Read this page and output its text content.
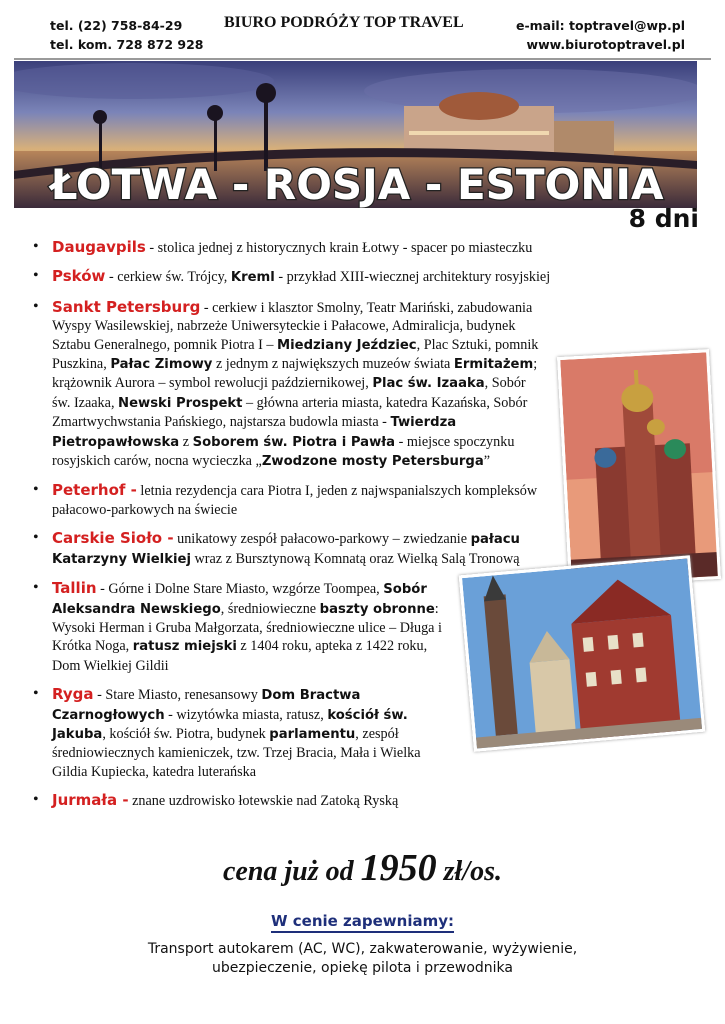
tel. (22) 758-84-29
tel. kom. 728 872 928
BIURO PODRÓŻY TOP TRAVEL	e-mail: toptravel@wp.pl
www.biurotoptravel.pl
ŁOTWA - ROSJA - ESTONIA
8 dni
• Daugavpils - stolica jednej z historycznych krain Łotwy - spacer po miasteczku
• Psków - cerkiew św. Trójcy, Kreml - przykład XIII-wiecznej architektury rosyjskiej
• Sankt Petersburg - cerkiew i klasztor Smolny, Teatr Mariński, zabudowania Wyspy Wasilewskiej, nabrzeże Uniwersyteckie i Pałacowe, Admiralicja, budynek Sztabu Generalnego, pomnik Piotra I – Miedziany Jeździec, Plac Sztuki, pomnik Puszkina, Pałac Zimowy z jednym z największych muzeów świata Ermitażem; krążownik Aurora – symbol rewolucji październikowej, Plac św. Izaaka, Sobór św. Izaaka, Newski Prospekt – główna arteria miasta, katedra Kazańska, Sobór Zmartwychwstania Pańskiego, najstarsza budowla miasta - Twierdza Pietropawłowska z Soborem św. Piotra i Pawła - miejsce spoczynku rosyjskich carów, nocna wycieczka „Zwodzone mosty Petersburga”
• Peterhof - letnia rezydencja cara Piotra I, jeden z najwspanialszych kompleksów pałacowo-parkowych na świecie
• Carskie Sioło - unikatowy zespół pałacowo-parkowy – zwiedzanie pałacu Katarzyny Wielkiej wraz z Bursztynową Komnatą oraz Wielką Salą Tronową
• Tallin - Górne i Dolne Stare Miasto, wzgórze Toompea, Sobór Aleksandra Newskiego, średniowieczne baszty obronne: Wysoki Herman i Gruba Małgorzata, średniowieczne ulice – Długa i Krótka Noga, ratusz miejski z 1404 roku, apteka z 1422 roku, Dom Wielkiej Gildii
• Ryga - Stare Miasto, renesansowy Dom Bractwa Czarnogłowych - wizytówka miasta, ratusz, kościół św. Jakuba, kościół św. Piotra, budynek parlamentu, zespół średniowiecznych kamieniczek, tzw. Trzej Bracia, Mała i Wielka Gildia Kupiecka, katedra luterańska
• Jurmała - znane uzdrowisko łotewskie nad Zatoką Ryską
cena już od 1950 zł/os.
W cenie zapewniamy:
Transport autokarem (AC, WC), zakwaterowanie, wyżywienie,
ubezpieczenie, opiekę pilota i przewodnika
